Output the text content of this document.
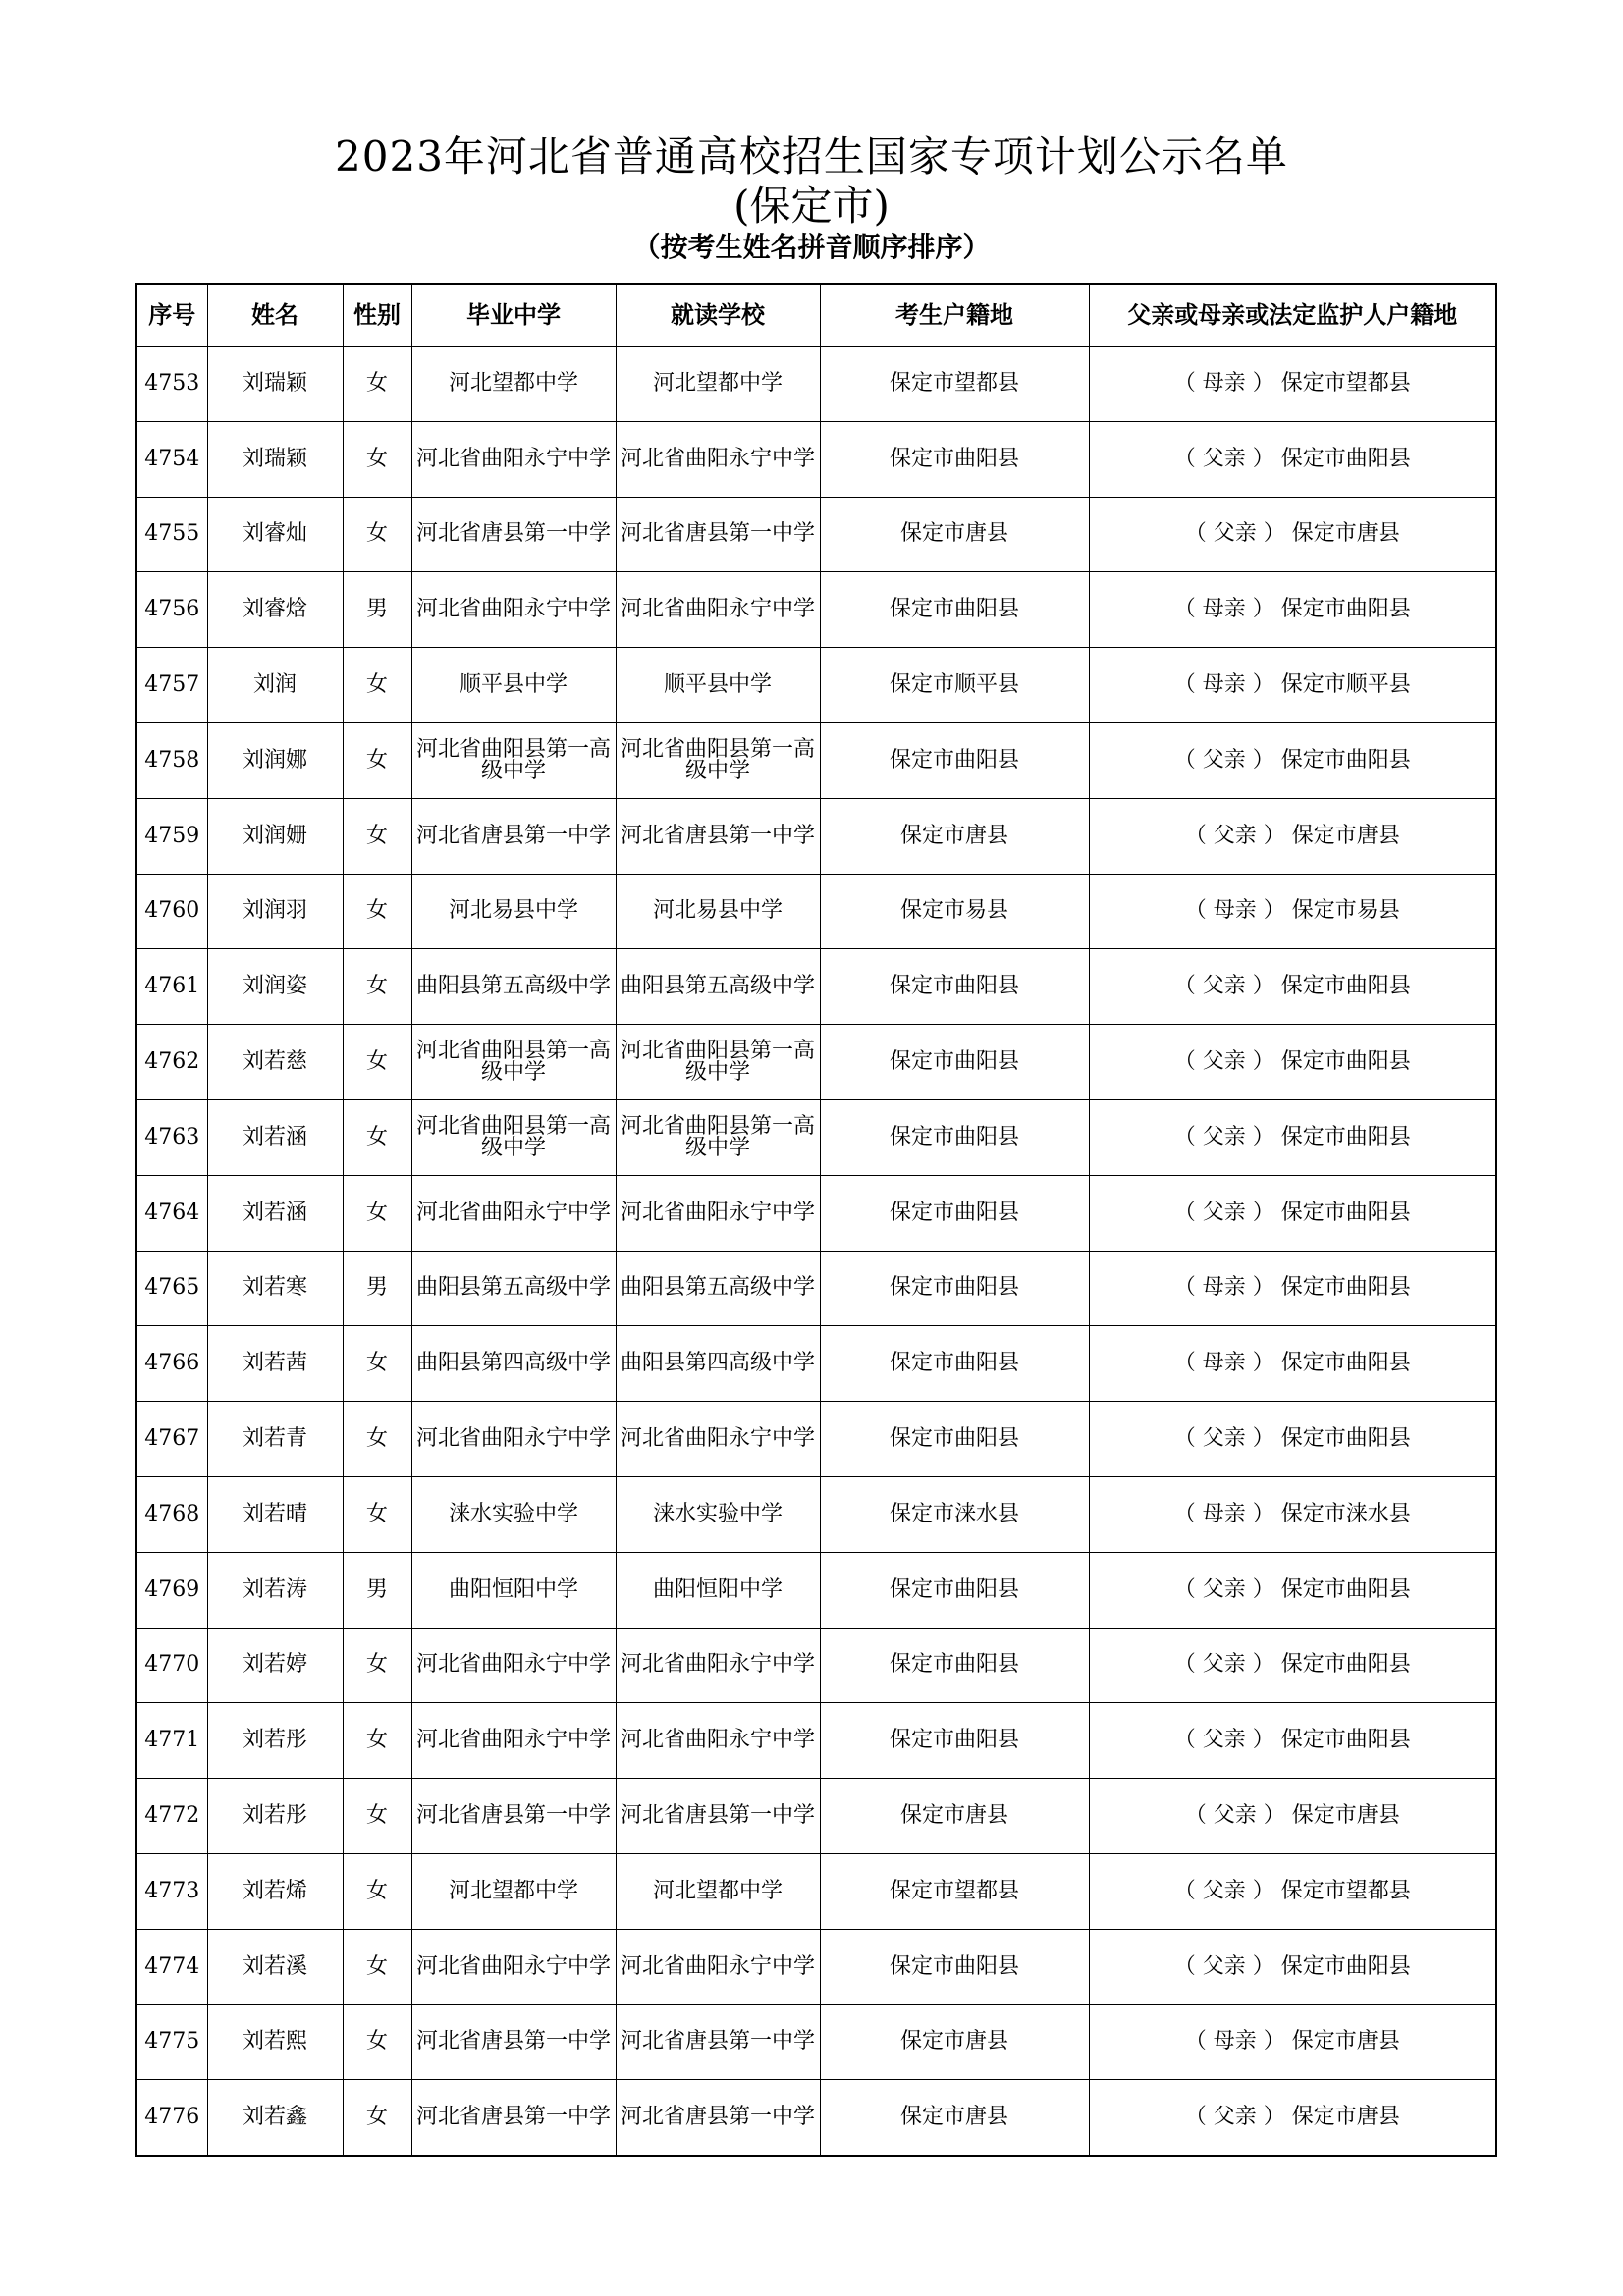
2023年河北省普通高校招生国家专项计划公示名单
(保定市)
（按考生姓名拼音顺序排序）
序号	姓名	性别	毕业中学	就读学校	考生户籍地	父亲或母亲或法定监护人户籍地
4753	刘瑞颖	女	河北望都中学	河北望都中学	保定市望都县	（ 母亲 ） 保定市望都县
4754	刘瑞颖	女	河北省曲阳永宁中学	河北省曲阳永宁中学	保定市曲阳县	（ 父亲 ） 保定市曲阳县
4755	刘睿灿	女	河北省唐县第一中学	河北省唐县第一中学	保定市唐县	（ 父亲 ） 保定市唐县
4756	刘睿焓	男	河北省曲阳永宁中学	河北省曲阳永宁中学	保定市曲阳县	（ 母亲 ） 保定市曲阳县
4757	刘润	女	顺平县中学	顺平县中学	保定市顺平县	（ 母亲 ） 保定市顺平县
4758	刘润娜	女	河北省曲阳县第一高级中学	河北省曲阳县第一高级中学	保定市曲阳县	（ 父亲 ） 保定市曲阳县
4759	刘润姗	女	河北省唐县第一中学	河北省唐县第一中学	保定市唐县	（ 父亲 ） 保定市唐县
4760	刘润羽	女	河北易县中学	河北易县中学	保定市易县	（ 母亲 ） 保定市易县
4761	刘润姿	女	曲阳县第五高级中学	曲阳县第五高级中学	保定市曲阳县	（ 父亲 ） 保定市曲阳县
4762	刘若慈	女	河北省曲阳县第一高级中学	河北省曲阳县第一高级中学	保定市曲阳县	（ 父亲 ） 保定市曲阳县
4763	刘若涵	女	河北省曲阳县第一高级中学	河北省曲阳县第一高级中学	保定市曲阳县	（ 父亲 ） 保定市曲阳县
4764	刘若涵	女	河北省曲阳永宁中学	河北省曲阳永宁中学	保定市曲阳县	（ 父亲 ） 保定市曲阳县
4765	刘若寒	男	曲阳县第五高级中学	曲阳县第五高级中学	保定市曲阳县	（ 母亲 ） 保定市曲阳县
4766	刘若茜	女	曲阳县第四高级中学	曲阳县第四高级中学	保定市曲阳县	（ 母亲 ） 保定市曲阳县
4767	刘若青	女	河北省曲阳永宁中学	河北省曲阳永宁中学	保定市曲阳县	（ 父亲 ） 保定市曲阳县
4768	刘若晴	女	涞水实验中学	涞水实验中学	保定市涞水县	（ 母亲 ） 保定市涞水县
4769	刘若涛	男	曲阳恒阳中学	曲阳恒阳中学	保定市曲阳县	（ 父亲 ） 保定市曲阳县
4770	刘若婷	女	河北省曲阳永宁中学	河北省曲阳永宁中学	保定市曲阳县	（ 父亲 ） 保定市曲阳县
4771	刘若彤	女	河北省曲阳永宁中学	河北省曲阳永宁中学	保定市曲阳县	（ 父亲 ） 保定市曲阳县
4772	刘若彤	女	河北省唐县第一中学	河北省唐县第一中学	保定市唐县	（ 父亲 ） 保定市唐县
4773	刘若烯	女	河北望都中学	河北望都中学	保定市望都县	（ 父亲 ） 保定市望都县
4774	刘若溪	女	河北省曲阳永宁中学	河北省曲阳永宁中学	保定市曲阳县	（ 父亲 ） 保定市曲阳县
4775	刘若熙	女	河北省唐县第一中学	河北省唐县第一中学	保定市唐县	（ 母亲 ） 保定市唐县
4776	刘若鑫	女	河北省唐县第一中学	河北省唐县第一中学	保定市唐县	（ 父亲 ） 保定市唐县
